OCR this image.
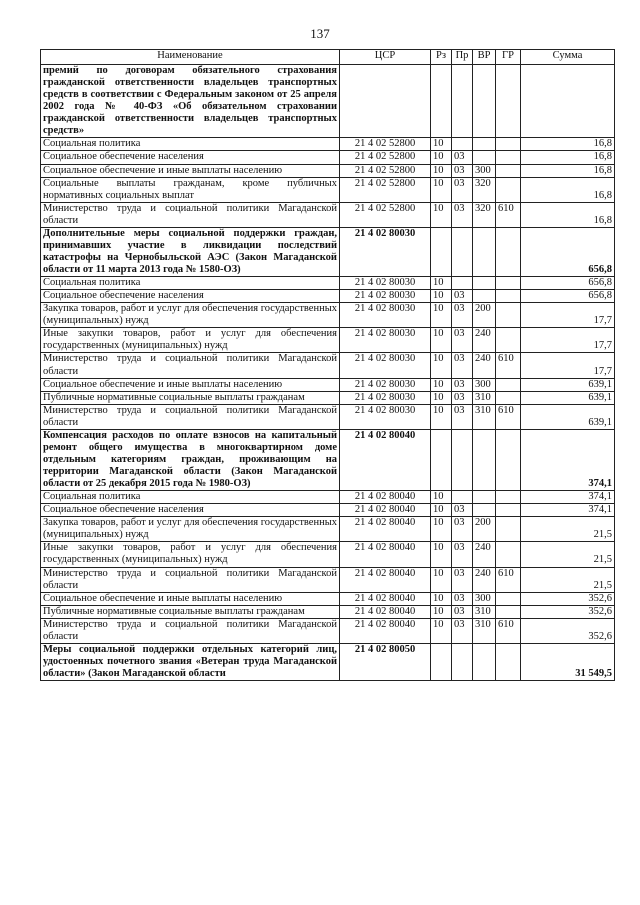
137
Наименование	ЦСР	Рз	Пр	ВР	ГР	Сумма
премий по договорам обязательного страхования гражданской ответственности владельцев транспортных средств в соответствии с Федеральным законом от 25 апреля 2002 года № 40-ФЗ «Об обязательном страховании гражданской ответственности владельцев транспортных средств»						
Социальная политика	21 4 02 52800	10				16,8
Социальное обеспечение населения	21 4 02 52800	10	03			16,8
Социальное обеспечение и иные выплаты населению	21 4 02 52800	10	03	300		16,8
Социальные выплаты гражданам, кроме публичных нормативных социальных выплат	21 4 02 52800	10	03	320		16,8
Министерство труда и социальной политики Магаданской области	21 4 02 52800	10	03	320	610	16,8
Дополнительные меры социальной поддержки граждан, принимавших участие в ликвидации последствий катастрофы на Чернобыльской АЭС (Закон Магаданской области от 11 марта 2013 года № 1580-ОЗ)	21 4 02 80030					656,8
Социальная политика	21 4 02 80030	10				656,8
Социальное обеспечение населения	21 4 02 80030	10	03			656,8
Закупка товаров, работ и услуг для обеспечения государственных (муниципальных) нужд	21 4 02 80030	10	03	200		17,7
Иные закупки товаров, работ и услуг для обеспечения государственных (муниципальных) нужд	21 4 02 80030	10	03	240		17,7
Министерство труда и социальной политики Магаданской области	21 4 02 80030	10	03	240	610	17,7
Социальное обеспечение и иные выплаты населению	21 4 02 80030	10	03	300		639,1
Публичные нормативные социальные выплаты гражданам	21 4 02 80030	10	03	310		639,1
Министерство труда и социальной политики Магаданской области	21 4 02 80030	10	03	310	610	639,1
Компенсация расходов по оплате взносов на капитальный ремонт общего имущества в многоквартирном доме отдельным категориям граждан, проживающим на территории Магаданской области (Закон Магаданской области от 25 декабря 2015 года № 1980-ОЗ)	21 4 02 80040					374,1
Социальная политика	21 4 02 80040	10				374,1
Социальное обеспечение населения	21 4 02 80040	10	03			374,1
Закупка товаров, работ и услуг для обеспечения государственных (муниципальных) нужд	21 4 02 80040	10	03	200		21,5
Иные закупки товаров, работ и услуг для обеспечения государственных (муниципальных) нужд	21 4 02 80040	10	03	240		21,5
Министерство труда и социальной политики Магаданской области	21 4 02 80040	10	03	240	610	21,5
Социальное обеспечение и иные выплаты населению	21 4 02 80040	10	03	300		352,6
Публичные нормативные социальные выплаты гражданам	21 4 02 80040	10	03	310		352,6
Министерство труда и социальной политики Магаданской области	21 4 02 80040	10	03	310	610	352,6
Меры социальной поддержки отдельных категорий лиц, удостоенных почетного звания «Ветеран труда Магаданской области» (Закон Магаданской области	21 4 02 80050					31 549,5
